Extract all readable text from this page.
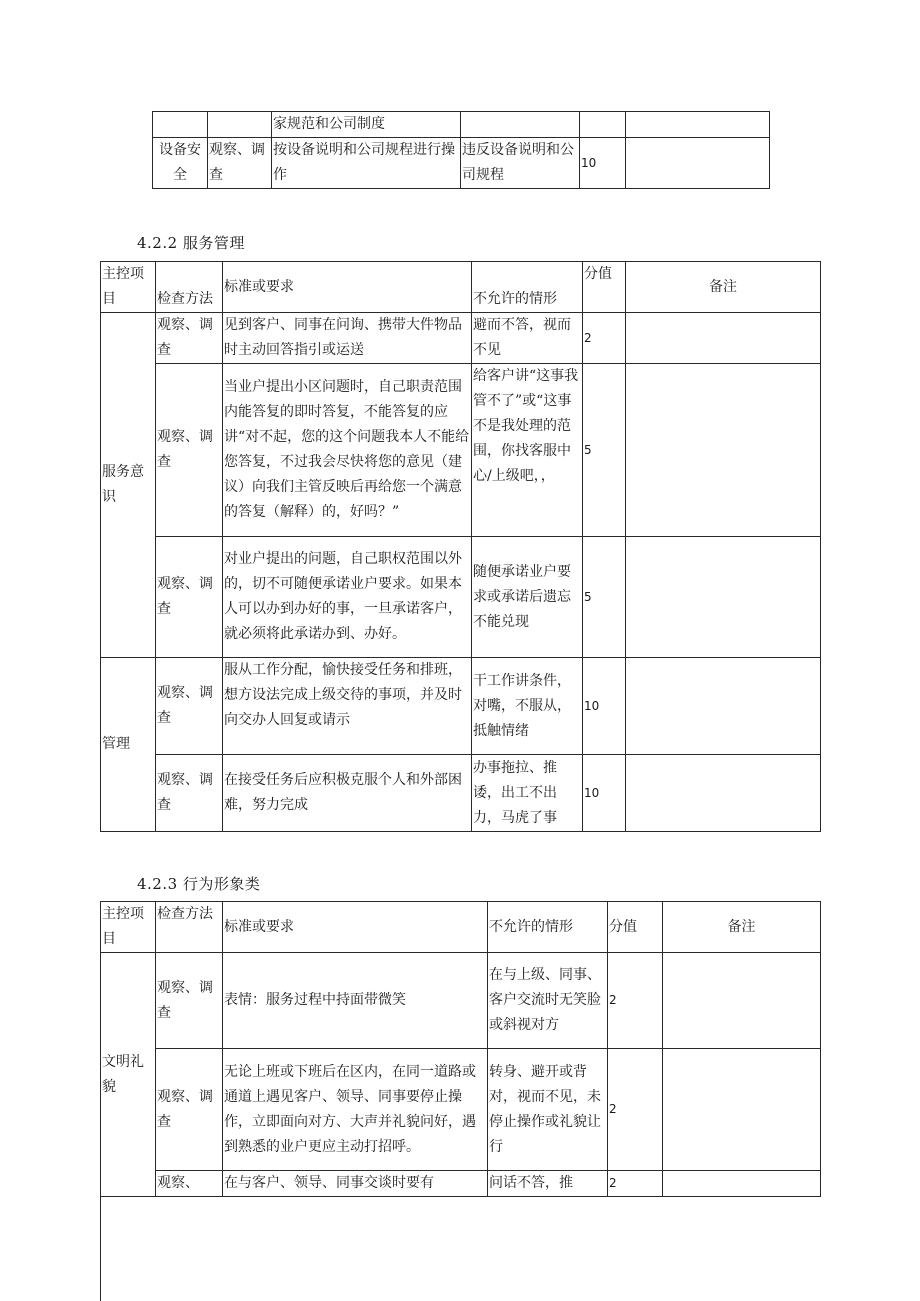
		家规范和公司制度			
设备安全	观察、调查	按设备说明和公司规程进行操作	违反设备说明和公司规程	10	
4.2.2 服务管理
主控项目	检查方法	标准或要求	不允许的情形	分值	备注
服务意识	观察、调查	见到客户、同事在问询、携带大件物品时主动回答指引或运送	避而不答，视而不见	2	
	观察、调查	当业户提出小区问题时，自己职责范围内能答复的即时答复，不能答复的应讲“对不起，您的这个问题我本人不能给您答复，不过我会尽快将您的意见（建议）向我们主管反映后再给您一个满意的答复（解释）的，好吗？”	给客户讲“这事我管不了”或“这事不是我处理的范围，你找客服中心/上级吧，，	5	
	观察、调查	对业户提出的问题，自己职权范围以外的，切不可随便承诺业户要求。如果本人可以办到办好的事，一旦承诺客户，就必须将此承诺办到、办好。	随便承诺业户要求或承诺后遗忘不能兑现	5	
管理	观察、调查	服从工作分配，愉快接受任务和排班，想方设法完成上级交待的事项，并及时向交办人回复或请示	干工作讲条件，对嘴，不服从，抵触情绪	10	
	观察、调查	在接受任务后应积极克服个人和外部困难，努力完成	办事拖拉、推诿，出工不出力，马虎了事	10	
4.2.3 行为形象类
主控项目	检查方法	标准或要求	不允许的情形	分值	备注
文明礼貌	观察、调查	表情：服务过程中持面带微笑	在与上级、同事、客户交流时无笑脸或斜视对方	2	
	观察、调查	无论上班或下班后在区内，在同一道路或通道上遇见客户、领导、同事要停止操作，立即面向对方、大声并礼貌问好，遇到熟悉的业户更应主动打招呼。	转身、避开或背对，视而不见，未停止操作或礼貌让行	2	
	观察、	在与客户、领导、同事交谈时要有	问话不答，推	2	
